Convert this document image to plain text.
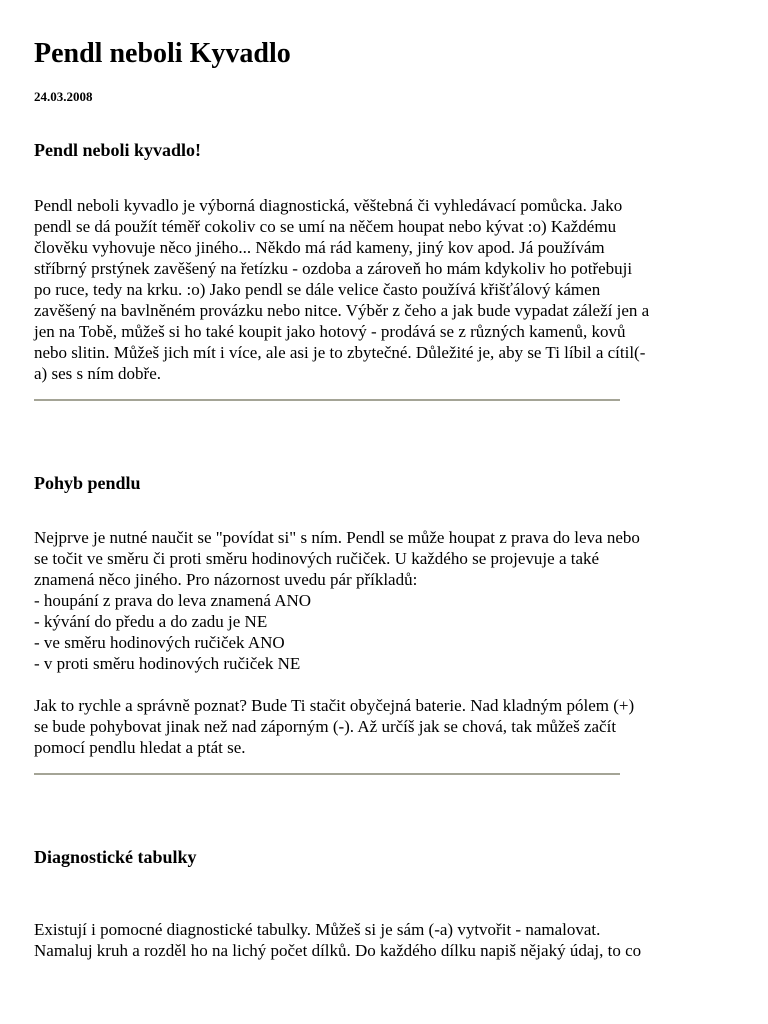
Pendl neboli Kyvadlo
24.03.2008
Pendl neboli kyvadlo!

Pendl neboli kyvadlo je výborná diagnostická, věštebná či vyhledávací pomůcka. Jako
pendl se dá použít téměř cokoliv co se umí na něčem houpat nebo kývat :o) Každému
člověku vyhovuje něco jiného... Někdo má rád kameny, jiný kov apod. Já používám
stříbrný prstýnek zavěšený na řetízku - ozdoba a zároveň ho mám kdykoliv ho potřebuji
po ruce, tedy na krku. :o) Jako pendl se dále velice často používá křišťálový kámen
zavěšený na bavlněném provázku nebo nitce. Výběr z čeho a jak bude vypadat záleží jen a
jen na Tobě, můžeš si ho také koupit jako hotový - prodává se z různých kamenů, kovů
nebo slitin. Můžeš jich mít i více, ale asi je to zbytečné. Důležité je, aby se Ti líbil a cítil(-
a) ses s ním dobře.

Pohyb pendlu

Nejprve je nutné naučit se "povídat si" s ním. Pendl se může houpat z prava do leva nebo
se točit ve směru či proti směru hodinových ručiček. U každého se projevuje a také
znamená něco jiného. Pro názornost uvedu pár příkladů:
- houpání z prava do leva znamená ANO
- kývání do předu a do zadu je NE
- ve směru hodinových ručiček ANO
- v proti směru hodinových ručiček NE
Jak to rychle a správně poznat? Bude Ti stačit obyčejná baterie. Nad kladným pólem (+)
se bude pohybovat jinak než nad záporným (-). Až určíš jak se chová, tak můžeš začít
pomocí pendlu hledat a ptát se.

Diagnostické tabulky

Existují i pomocné diagnostické tabulky. Můžeš si je sám (-a) vytvořit - namalovat.
Namaluj kruh a rozděl ho na lichý počet dílků. Do každého dílku napiš nějaký údaj, to co
